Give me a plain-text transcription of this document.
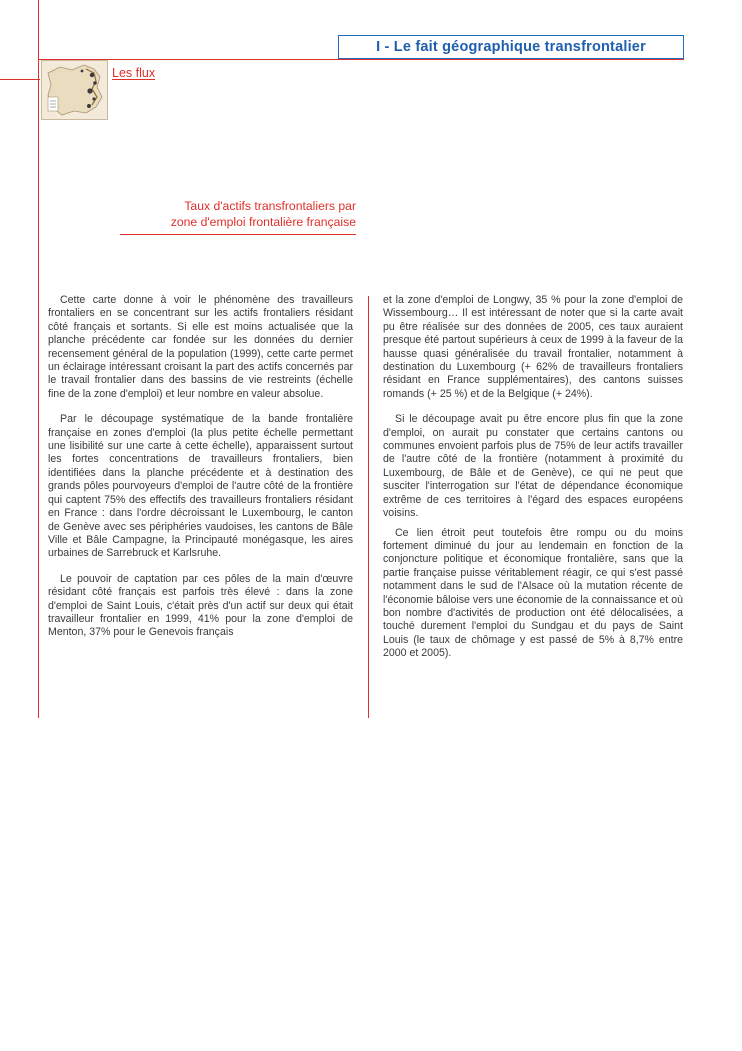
I - Le fait géographique transfrontalier
Les flux
Taux d'actifs transfrontaliers par
zone d'emploi frontalière française

Cette carte donne à voir le phénomène des travailleurs frontaliers en se concentrant sur les actifs frontaliers résidant côté français et sortants. Si elle est moins actualisée que la planche précédente car fondée sur les données du dernier recensement général de la population (1999), cette carte permet un éclairage intéressant croisant la part des actifs concernés par le travail frontalier dans des bassins de vie restreints (échelle fine de la zone d'emploi) et leur nombre en valeur absolue.

Par le découpage systématique de la bande frontalière française en zones d'emploi (la plus petite échelle permettant une lisibilité sur une carte à cette échelle), apparaissent surtout les fortes concentrations de travailleurs frontaliers, bien identifiées dans la planche précédente et à destination des grands pôles pourvoyeurs d'emploi de l'autre côté de la frontière qui captent 75% des effectifs des travailleurs frontaliers résidant en France : dans l'ordre décroissant le Luxembourg, le canton de Genève avec ses périphéries vaudoises, les cantons de Bâle Ville et Bâle Campagne, la Principauté monégasque, les aires urbaines de Sarrebruck et Karlsruhe.

Le pouvoir de captation par ces pôles de la main d'œuvre résidant côté français est parfois très élevé : dans la zone d'emploi de Saint Louis, c'était près d'un actif sur deux qui était travailleur frontalier en 1999, 41% pour la zone d'emploi de Menton, 37% pour le Genevois français

et la zone d'emploi de Longwy, 35 % pour la zone d'emploi de Wissembourg… Il est intéressant de noter que si la carte avait pu être réalisée sur des données de 2005, ces taux auraient presque été partout supérieurs à ceux de 1999 à la faveur de la hausse quasi généralisée du travail frontalier, notamment à destination du Luxembourg (+ 62% de travailleurs frontaliers résidant en France supplémentaires), des cantons suisses romands (+ 25 %) et de la Belgique (+ 24%).

Si le découpage avait pu être encore plus fin que la zone d'emploi, on aurait pu constater que certains cantons ou communes envoient parfois plus de 75% de leur actifs travailler de l'autre côté de la frontière (notamment à proximité du Luxembourg, de Bâle et de Genève), ce qui ne peut que susciter l'interrogation sur l'état de dépendance économique extrême de ces territoires à l'égard des espaces européens voisins.

Ce lien étroit peut toutefois être rompu ou du moins fortement diminué du jour au lendemain en fonction de la conjoncture politique et économique frontalière, sans que la partie française puisse véritablement réagir, ce qui s'est passé notamment dans le sud de l'Alsace où la mutation récente de l'économie bâloise vers une économie de la connaissance et où bon nombre d'activités de production ont été délocalisées, a touché durement l'emploi du Sundgau et du pays de Saint Louis (le taux de chômage y est passé de 5% à 8,7% entre 2000 et 2005).
